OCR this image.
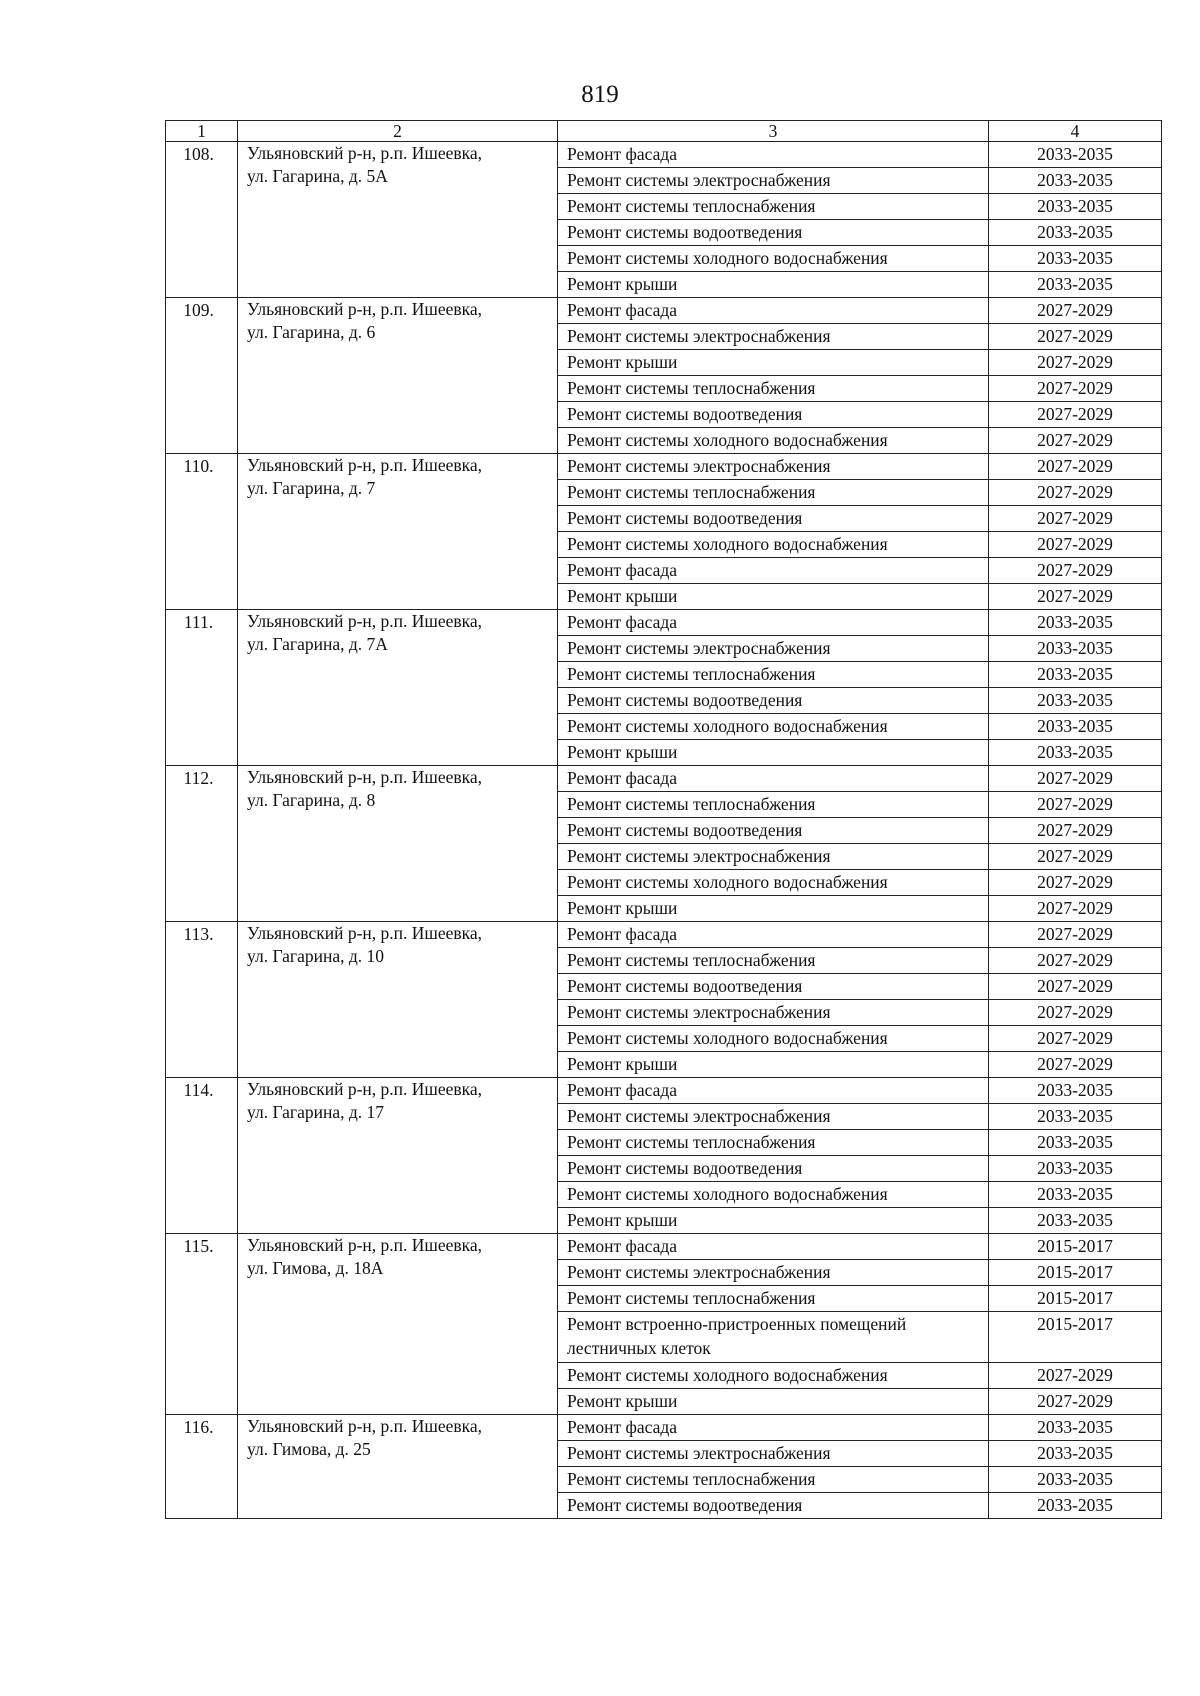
819
1	2	3	4
108.	Ульяновский р-н, р.п. Ишеевка,
ул. Гагарина, д. 5А	Ремонт фасада	2033-2035
		Ремонт системы электроснабжения	2033-2035
		Ремонт системы теплоснабжения	2033-2035
		Ремонт системы водоотведения	2033-2035
		Ремонт системы холодного водоснабжения	2033-2035
		Ремонт крыши	2033-2035
109.	Ульяновский р-н, р.п. Ишеевка,
ул. Гагарина, д. 6	Ремонт фасада	2027-2029
		Ремонт системы электроснабжения	2027-2029
		Ремонт крыши	2027-2029
		Ремонт системы теплоснабжения	2027-2029
		Ремонт системы водоотведения	2027-2029
		Ремонт системы холодного водоснабжения	2027-2029
110.	Ульяновский р-н, р.п. Ишеевка,
ул. Гагарина, д. 7	Ремонт системы электроснабжения	2027-2029
		Ремонт системы теплоснабжения	2027-2029
		Ремонт системы водоотведения	2027-2029
		Ремонт системы холодного водоснабжения	2027-2029
		Ремонт фасада	2027-2029
		Ремонт крыши	2027-2029
111.	Ульяновский р-н, р.п. Ишеевка,
ул. Гагарина, д. 7А	Ремонт фасада	2033-2035
		Ремонт системы электроснабжения	2033-2035
		Ремонт системы теплоснабжения	2033-2035
		Ремонт системы водоотведения	2033-2035
		Ремонт системы холодного водоснабжения	2033-2035
		Ремонт крыши	2033-2035
112.	Ульяновский р-н, р.п. Ишеевка,
ул. Гагарина, д. 8	Ремонт фасада	2027-2029
		Ремонт системы теплоснабжения	2027-2029
		Ремонт системы водоотведения	2027-2029
		Ремонт системы электроснабжения	2027-2029
		Ремонт системы холодного водоснабжения	2027-2029
		Ремонт крыши	2027-2029
113.	Ульяновский р-н, р.п. Ишеевка,
ул. Гагарина, д. 10	Ремонт фасада	2027-2029
		Ремонт системы теплоснабжения	2027-2029
		Ремонт системы водоотведения	2027-2029
		Ремонт системы электроснабжения	2027-2029
		Ремонт системы холодного водоснабжения	2027-2029
		Ремонт крыши	2027-2029
114.	Ульяновский р-н, р.п. Ишеевка,
ул. Гагарина, д. 17	Ремонт фасада	2033-2035
		Ремонт системы электроснабжения	2033-2035
		Ремонт системы теплоснабжения	2033-2035
		Ремонт системы водоотведения	2033-2035
		Ремонт системы холодного водоснабжения	2033-2035
		Ремонт крыши	2033-2035
115.	Ульяновский р-н, р.п. Ишеевка,
ул. Гимова, д. 18А	Ремонт фасада	2015-2017
		Ремонт системы электроснабжения	2015-2017
		Ремонт системы теплоснабжения	2015-2017
		Ремонт встроенно-пристроенных помещений лестничных клеток	2015-2017
		Ремонт системы холодного водоснабжения	2027-2029
		Ремонт крыши	2027-2029
116.	Ульяновский р-н, р.п. Ишеевка,
ул. Гимова, д. 25	Ремонт фасада	2033-2035
		Ремонт системы электроснабжения	2033-2035
		Ремонт системы теплоснабжения	2033-2035
		Ремонт системы водоотведения	2033-2035
